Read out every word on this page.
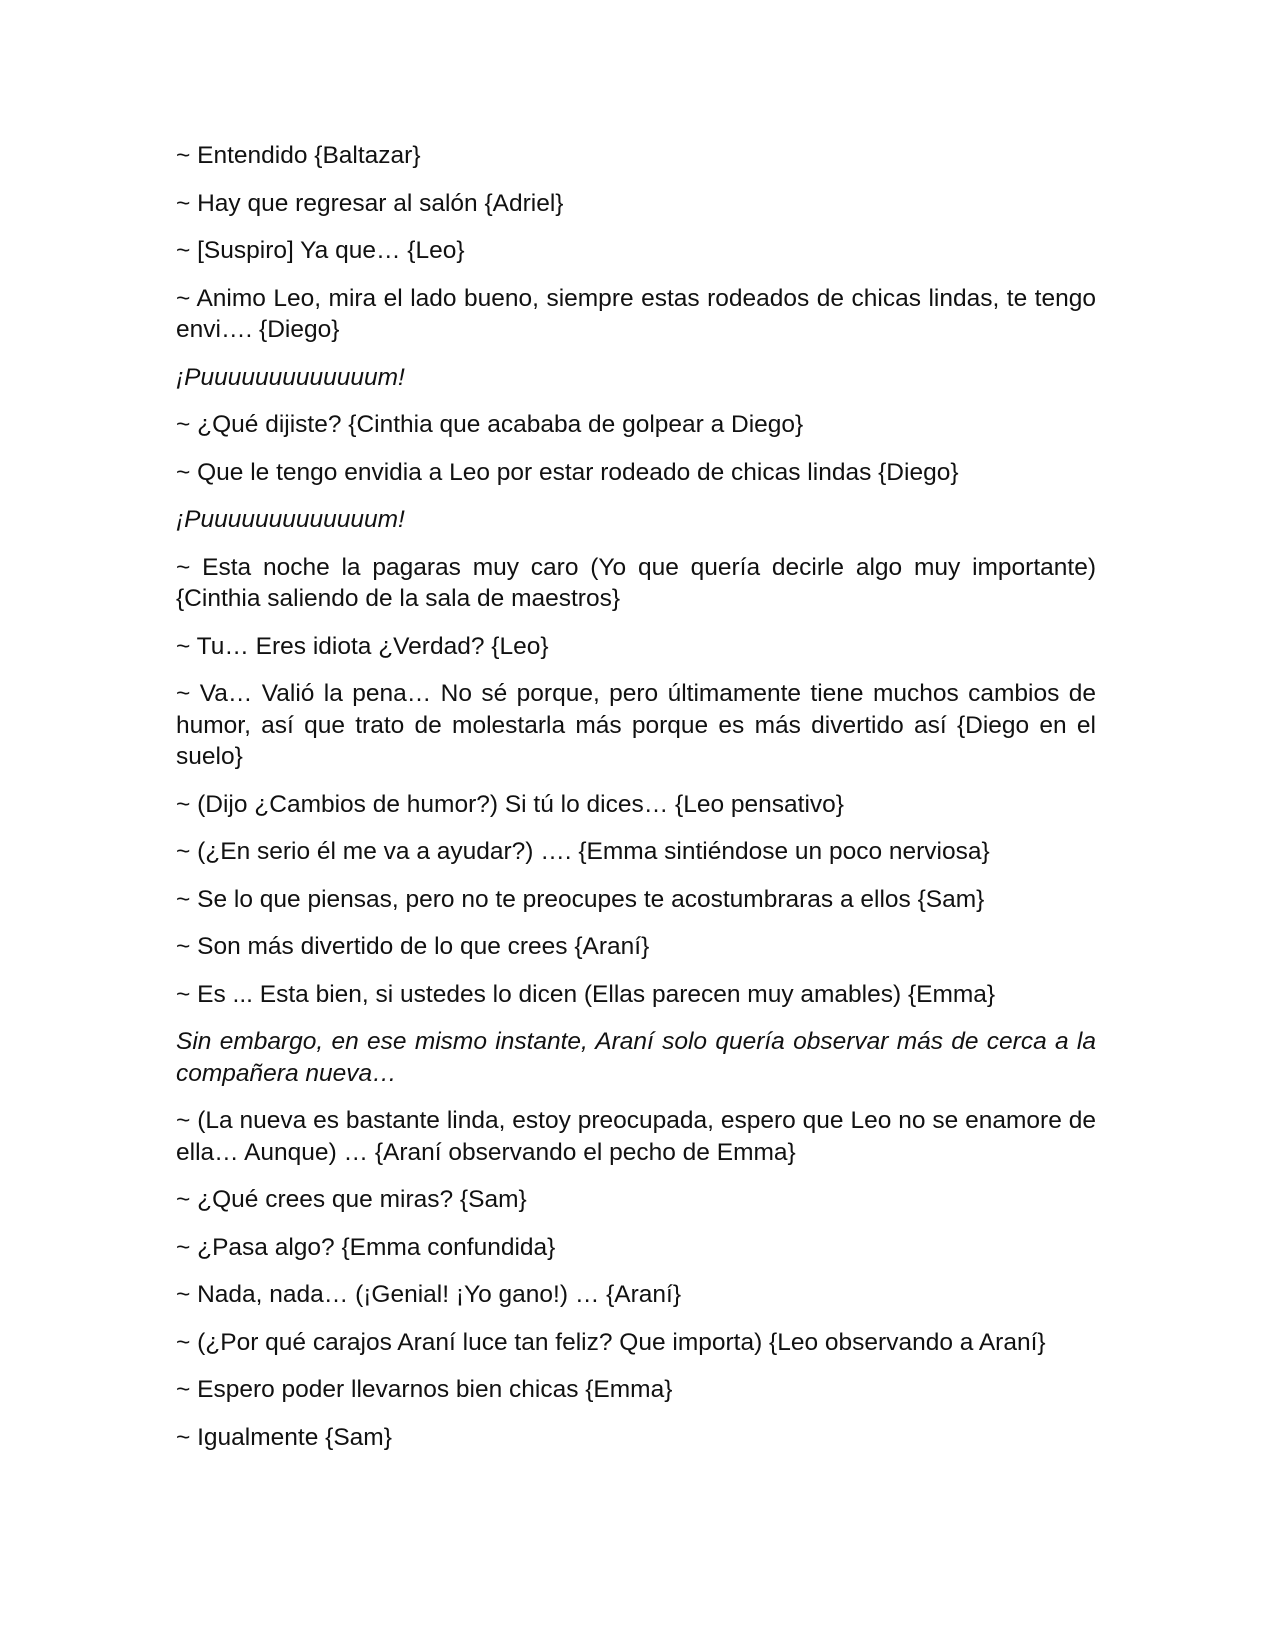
~ Entendido {Baltazar}

~ Hay que regresar al salón {Adriel}

~ [Suspiro] Ya que… {Leo}

~ Animo Leo, mira el lado bueno, siempre estas rodeados de chicas lindas, te tengo envi…. {Diego}

¡Puuuuuuuuuuuuum!

~ ¿Qué dijiste? {Cinthia que acababa de golpear a Diego}

~ Que le tengo envidia a Leo por estar rodeado de chicas lindas {Diego}

¡Puuuuuuuuuuuuum!

~ Esta noche la pagaras muy caro (Yo que quería decirle algo muy importante) {Cinthia saliendo de la sala de maestros}

~ Tu… Eres idiota ¿Verdad? {Leo}

~ Va… Valió la pena… No sé porque, pero últimamente tiene muchos cambios de humor, así que trato de molestarla más porque es más divertido así {Diego en el suelo}

~ (Dijo ¿Cambios de humor?) Si tú lo dices… {Leo pensativo}

~ (¿En serio él me va a ayudar?) …. {Emma sintiéndose un poco nerviosa}

~ Se lo que piensas, pero no te preocupes te acostumbraras a ellos {Sam}

~ Son más divertido de lo que crees {Araní}

~ Es ... Esta bien, si ustedes lo dicen (Ellas parecen muy amables) {Emma}

Sin embargo, en ese mismo instante, Araní solo quería observar más de cerca a la compañera nueva…

~ (La nueva es bastante linda, estoy preocupada, espero que Leo no se enamore de ella… Aunque) … {Araní observando el pecho de Emma}

~ ¿Qué crees que miras? {Sam}

~ ¿Pasa algo? {Emma confundida}

~ Nada, nada… (¡Genial! ¡Yo gano!) … {Araní}

~ (¿Por qué carajos Araní luce tan feliz? Que importa) {Leo observando a Araní}

~ Espero poder llevarnos bien chicas {Emma}

~ Igualmente {Sam}
